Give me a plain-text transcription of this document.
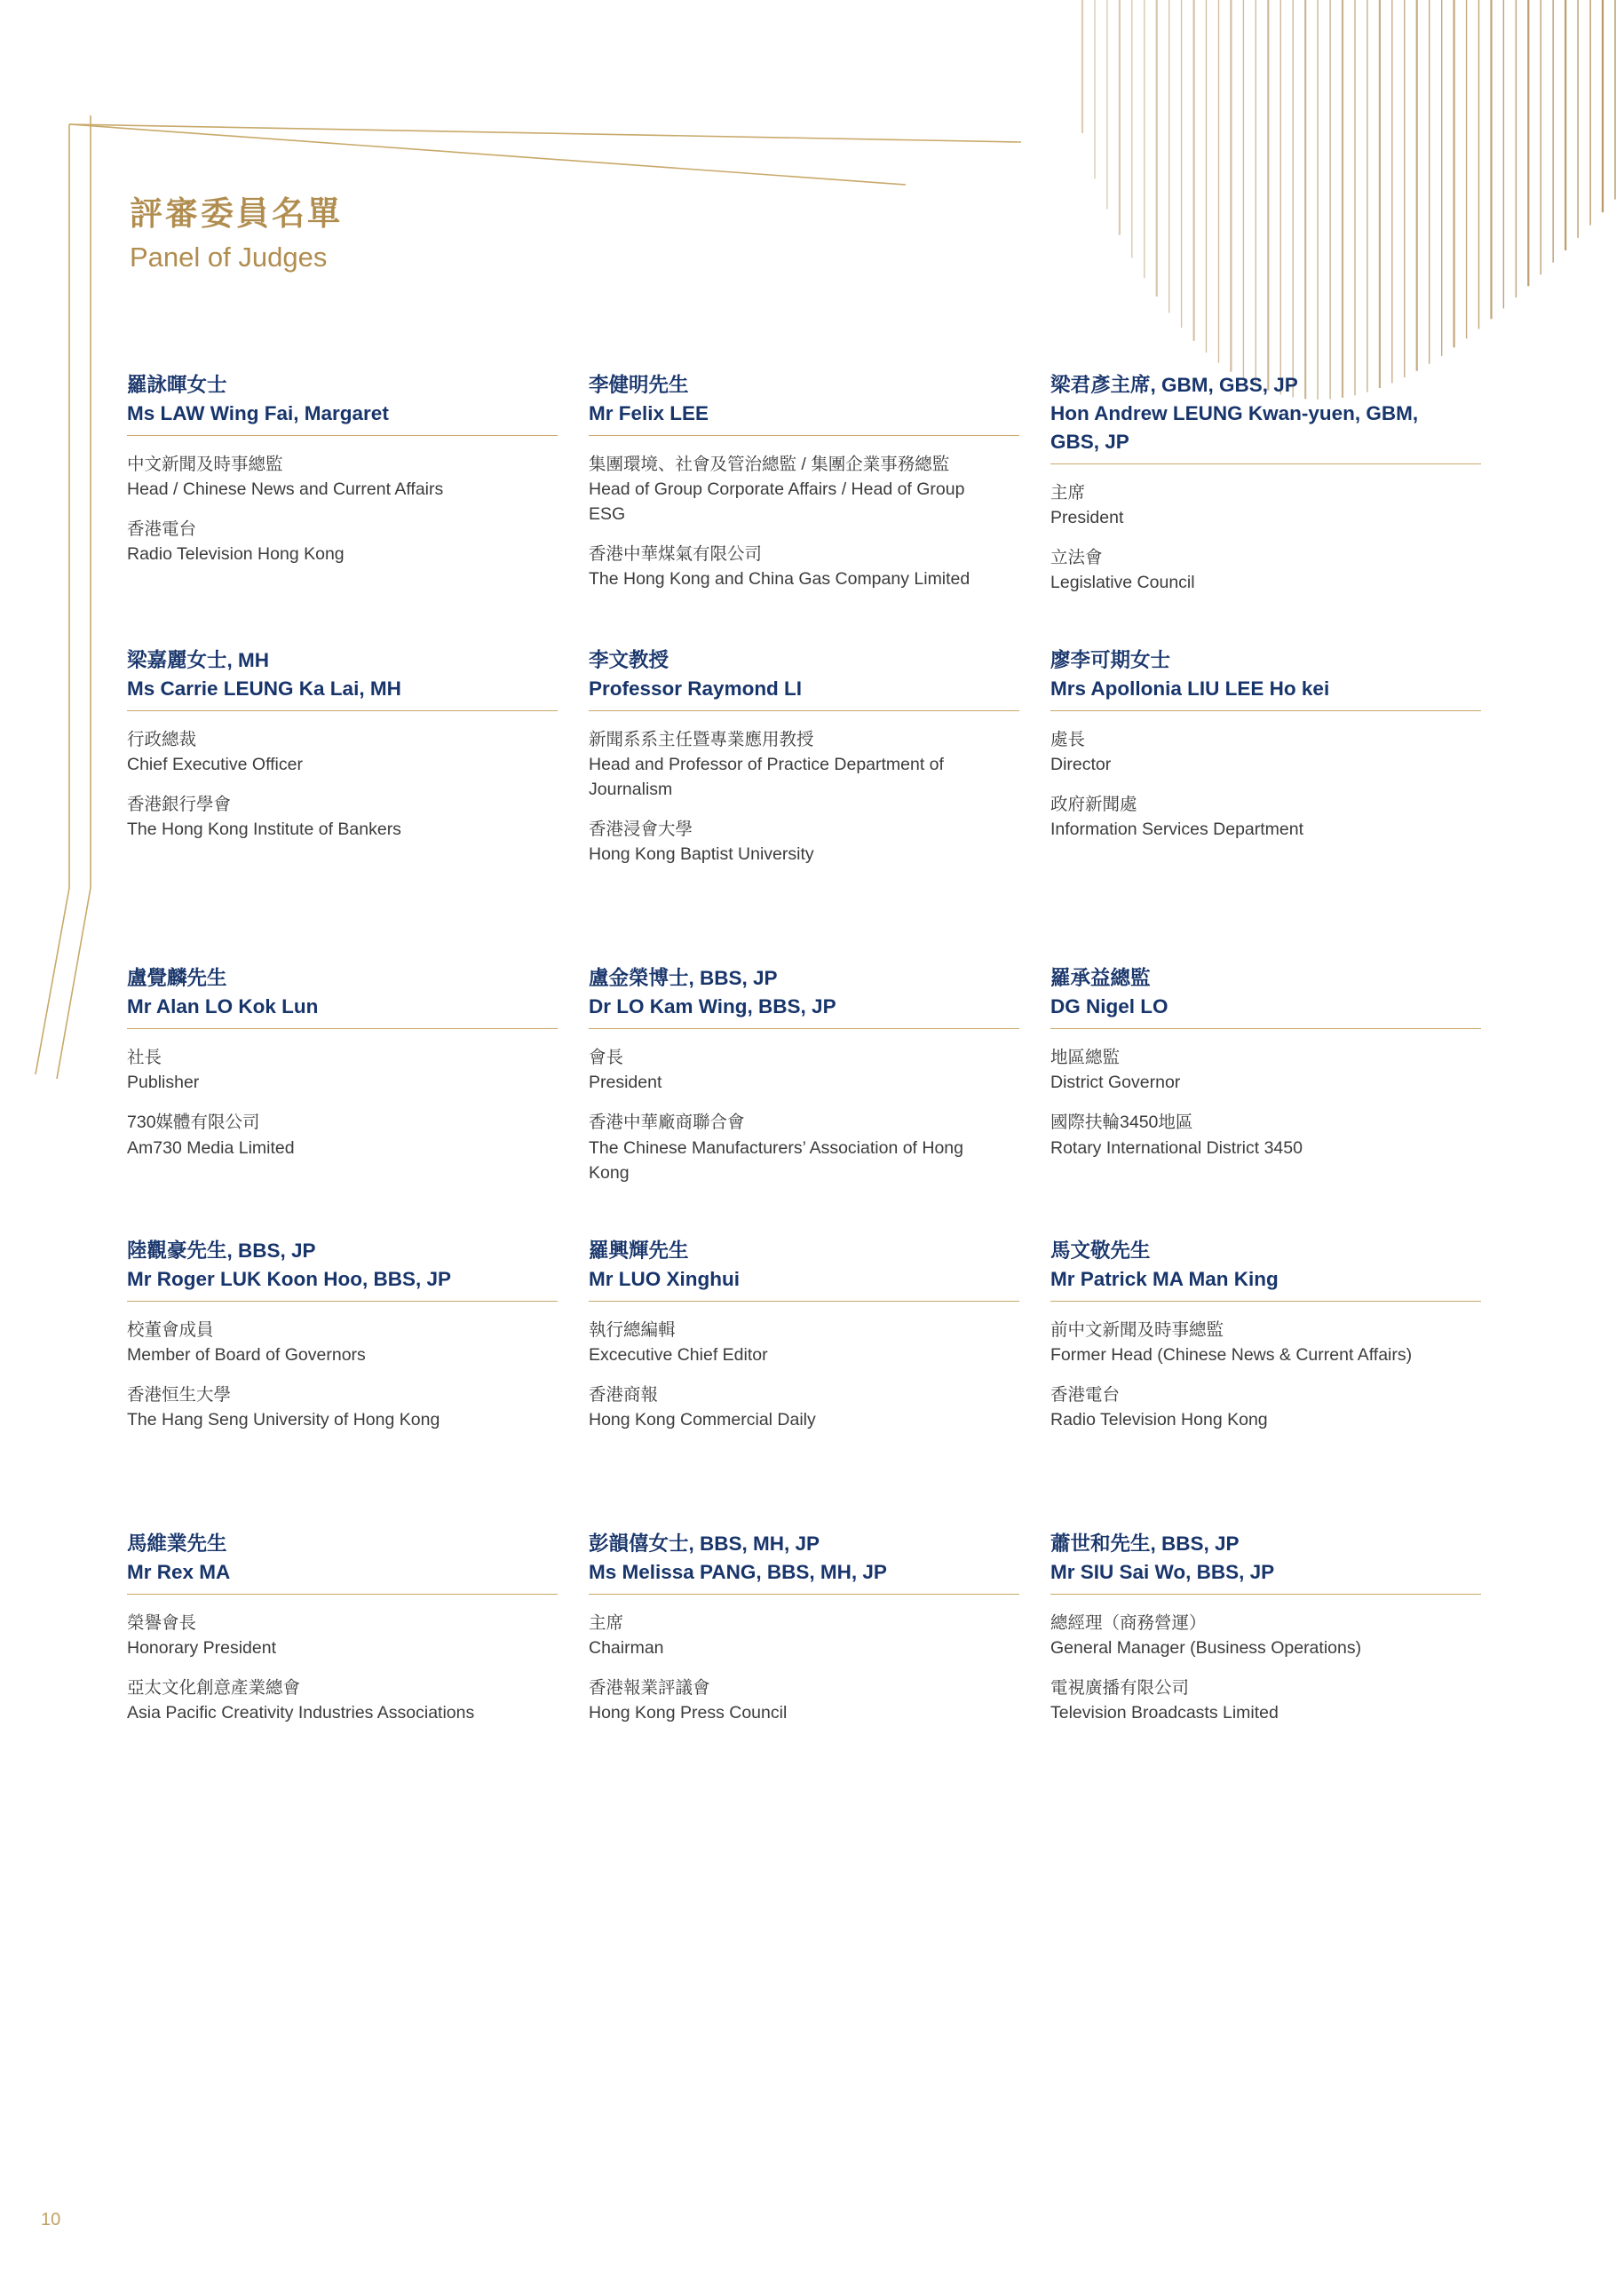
評審委員名單
Panel of Judges

羅詠暉女士

Ms LAW Wing Fai, Margaret

中文新聞及時事總監

Head / Chinese News and Current Affairs

香港電台

Radio Television Hong Kong

李健明先生

Mr Felix LEE

集團環境、社會及管治總監 / 集團企業事務總監

Head of Group Corporate Affairs / Head of Group ESG

香港中華煤氣有限公司

The Hong Kong and China Gas Company Limited

梁君彥主席, GBM, GBS, JP

Hon Andrew LEUNG Kwan-yuen, GBM, GBS, JP

主席

President

立法會

Legislative Council

梁嘉麗女士, MH

Ms Carrie LEUNG Ka Lai, MH

行政總裁

Chief Executive Officer

香港銀行學會

The Hong Kong Institute of Bankers

李文教授

Professor Raymond LI

新聞系系主任暨專業應用教授

Head and Professor of Practice Department of Journalism

香港浸會大學

Hong Kong Baptist University

廖李可期女士

Mrs Apollonia LIU LEE Ho kei

處長

Director

政府新聞處

Information Services Department

盧覺麟先生

Mr Alan LO Kok Lun

社長

Publisher

730媒體有限公司

Am730 Media Limited

盧金榮博士, BBS, JP

Dr LO Kam Wing, BBS, JP

會長

President

香港中華廠商聯合會

The Chinese Manufacturers’ Association of Hong Kong

羅承益總監

DG Nigel LO

地區總監

District Governor

國際扶輪3450地區

Rotary International District 3450

陸觀豪先生, BBS, JP

Mr Roger LUK Koon Hoo, BBS, JP

校董會成員

Member of Board of Governors

香港恒生大學

The Hang Seng University of Hong Kong

羅興輝先生

Mr LUO Xinghui

執行總編輯

Excecutive Chief Editor

香港商報

Hong Kong Commercial Daily

馬文敬先生

Mr Patrick MA Man King

前中文新聞及時事總監

Former Head (Chinese News & Current Affairs)

香港電台

Radio Television Hong Kong

馬維業先生

Mr Rex MA

榮譽會長

Honorary President

亞太文化創意產業總會

Asia Pacific Creativity Industries Associations

彭韻僖女士, BBS, MH, JP

Ms Melissa PANG, BBS, MH, JP

主席

Chairman

香港報業評議會

Hong Kong Press Council

蕭世和先生, BBS, JP

Mr SIU Sai Wo, BBS, JP

總經理（商務營運）

General Manager (Business Operations)

電視廣播有限公司

Television Broadcasts Limited

10
